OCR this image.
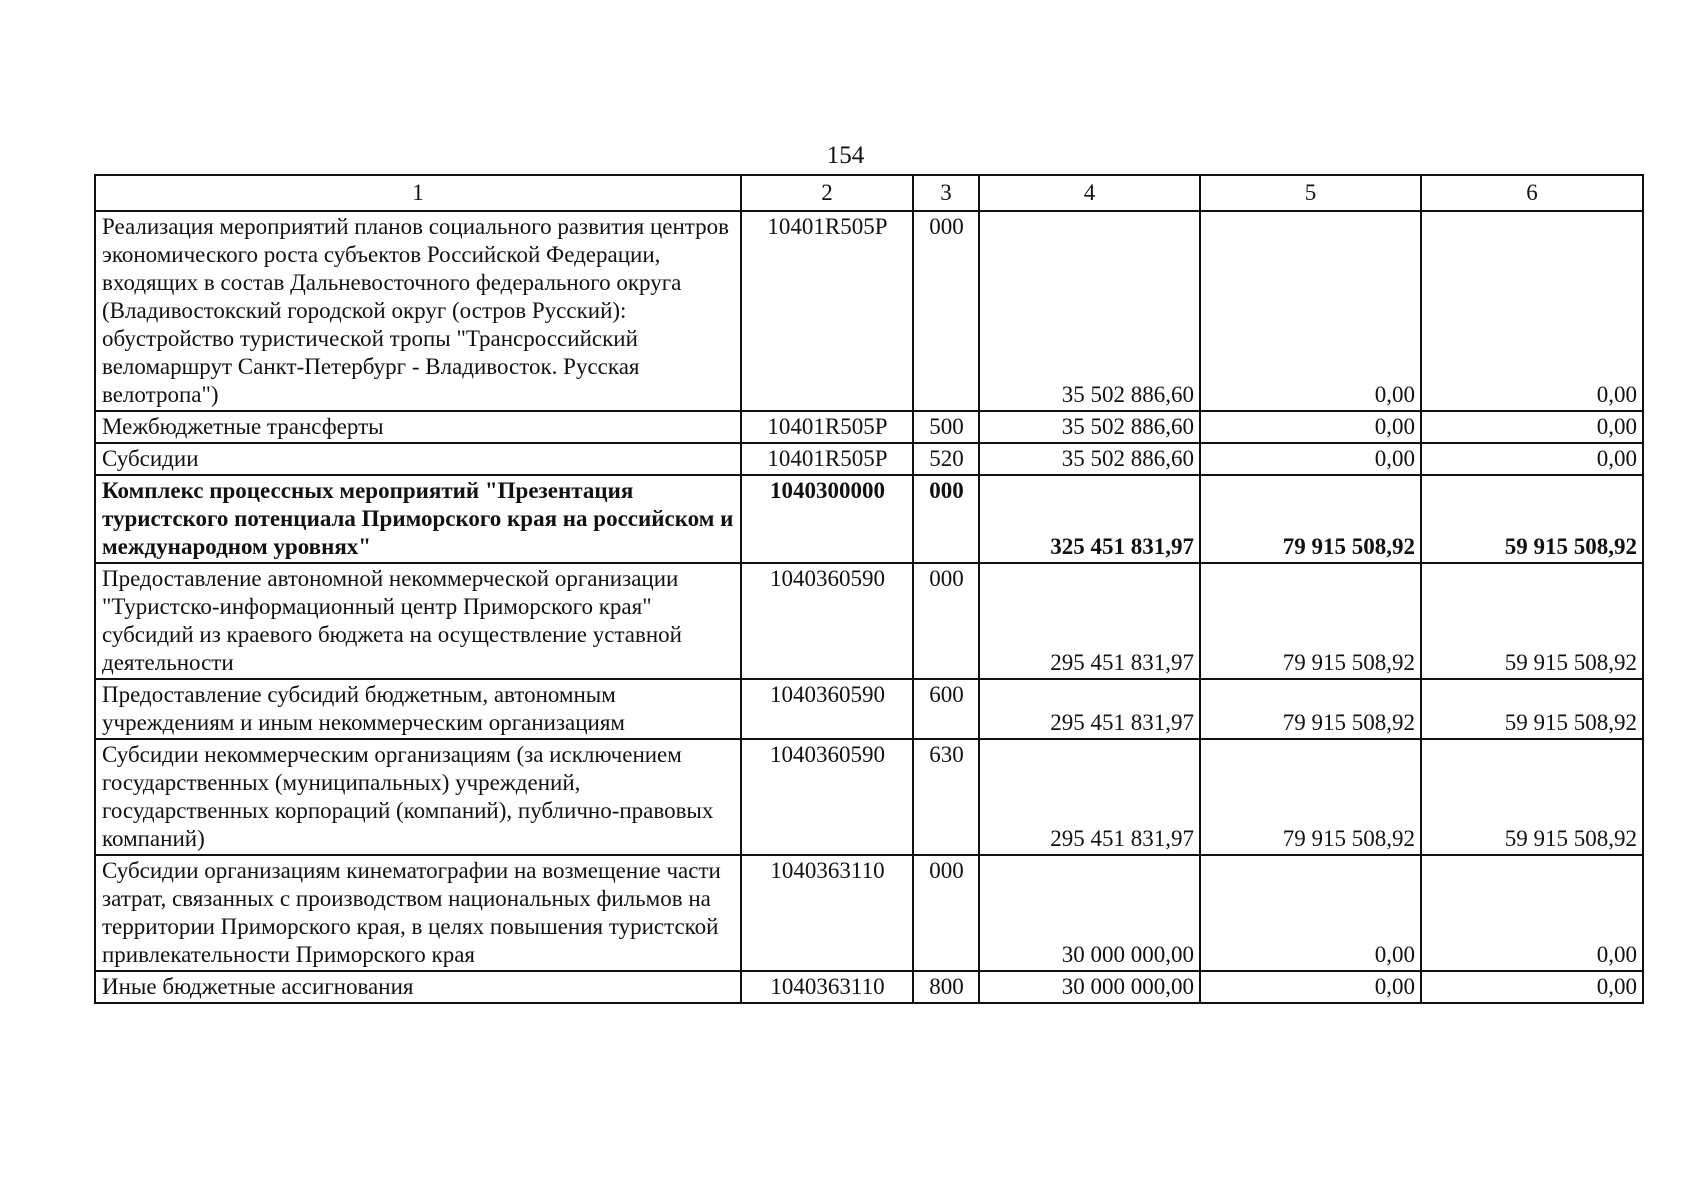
154
1	2	3	4	5	6
Реализация мероприятий планов социального развития центров экономического роста субъектов Российской Федерации, входящих в состав Дальневосточного федерального округа (Владивостокский городской округ (остров Русский): обустройство туристической тропы "Трансроссийский веломаршрут Санкт-Петербург - Владивосток. Русская велотропа")	10401R505P	000	35 502 886,60	0,00	0,00
Межбюджетные трансферты	10401R505P	500	35 502 886,60	0,00	0,00
Субсидии	10401R505P	520	35 502 886,60	0,00	0,00
Комплекс процессных мероприятий "Презентация туристского потенциала Приморского края на российском и международном уровнях"	1040300000	000	325 451 831,97	79 915 508,92	59 915 508,92
Предоставление автономной некоммерческой организации "Туристско-информационный центр Приморского края" субсидий из краевого бюджета на осуществление уставной деятельности	1040360590	000	295 451 831,97	79 915 508,92	59 915 508,92
Предоставление субсидий бюджетным, автономным учреждениям и иным некоммерческим организациям	1040360590	600	295 451 831,97	79 915 508,92	59 915 508,92
Субсидии некоммерческим организациям (за исключением государственных (муниципальных) учреждений, государственных корпораций (компаний), публично-правовых компаний)	1040360590	630	295 451 831,97	79 915 508,92	59 915 508,92
Субсидии организациям кинематографии на возмещение части затрат, связанных с производством национальных фильмов на территории Приморского края, в целях повышения туристской привлекательности Приморского края	1040363110	000	30 000 000,00	0,00	0,00
Иные бюджетные ассигнования	1040363110	800	30 000 000,00	0,00	0,00
